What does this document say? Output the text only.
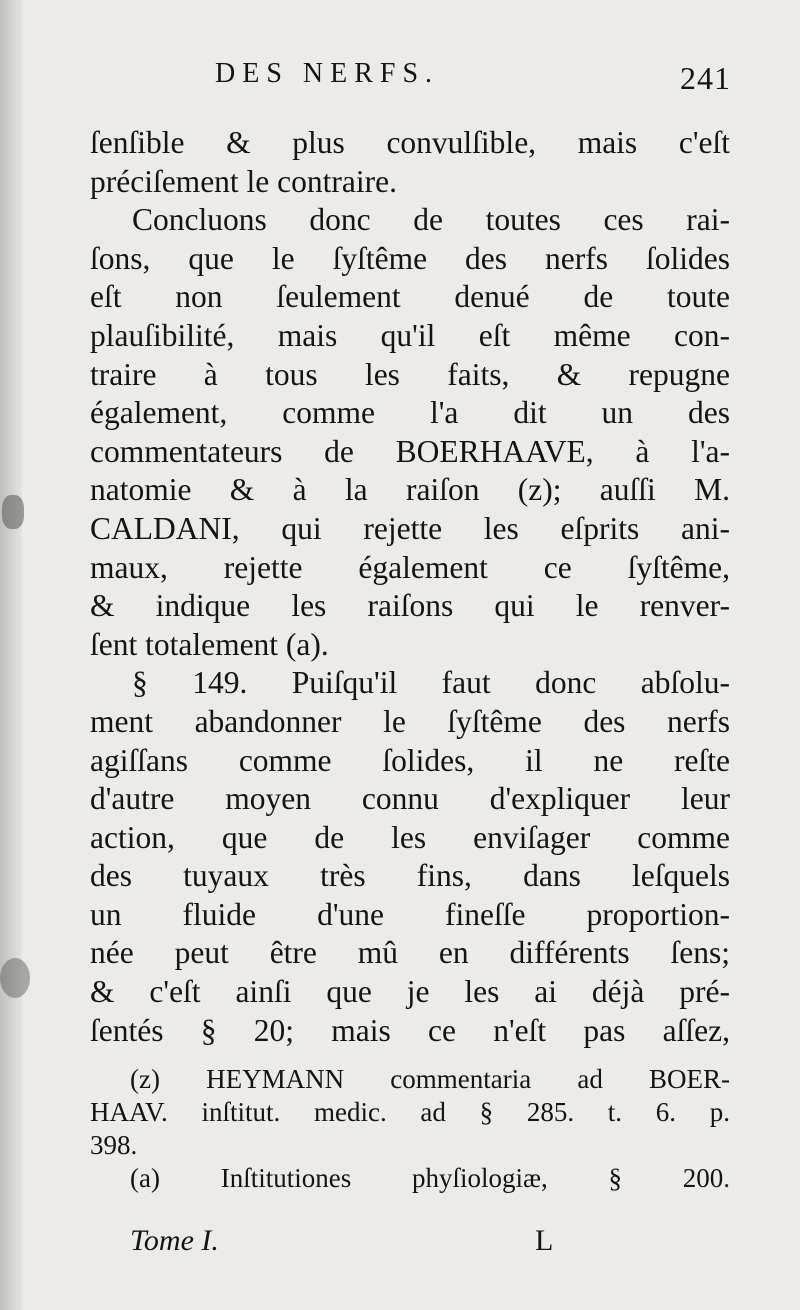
DES NERFS.	241
ſenſible & plus convulſible, mais c'eſt
préciſement le contraire.
Concluons donc de toutes ces rai-
ſons, que le ſyſtême des nerfs ſolides
eſt non ſeulement denué de toute
plauſibilité, mais qu'il eſt même con-
traire à tous les faits, & repugne
également, comme l'a dit un des
commentateurs de BOERHAAVE, à l'a-
natomie & à la raiſon (z); auſſi M.
CALDANI, qui rejette les eſprits ani-
maux, rejette également ce ſyſtême,
& indique les raiſons qui le renver-
ſent totalement (a).
§ 149. Puiſqu'il faut donc abſolu-
ment abandonner le ſyſtême des nerfs
agiſſans comme ſolides, il ne reſte
d'autre moyen connu d'expliquer leur
action, que de les enviſager comme
des tuyaux très fins, dans leſquels
un fluide d'une fineſſe proportion-
née peut être mû en différents ſens;
& c'eſt ainſi que je les ai déjà pré-
ſentés § 20; mais ce n'eſt pas aſſez,
(z) HEYMANN commentaria ad BOER-
HAAV. inſtitut. medic. ad § 285. t. 6. p.
398.
(a) Inſtitutiones phyſiologiæ, § 200.
Tome I.	L
